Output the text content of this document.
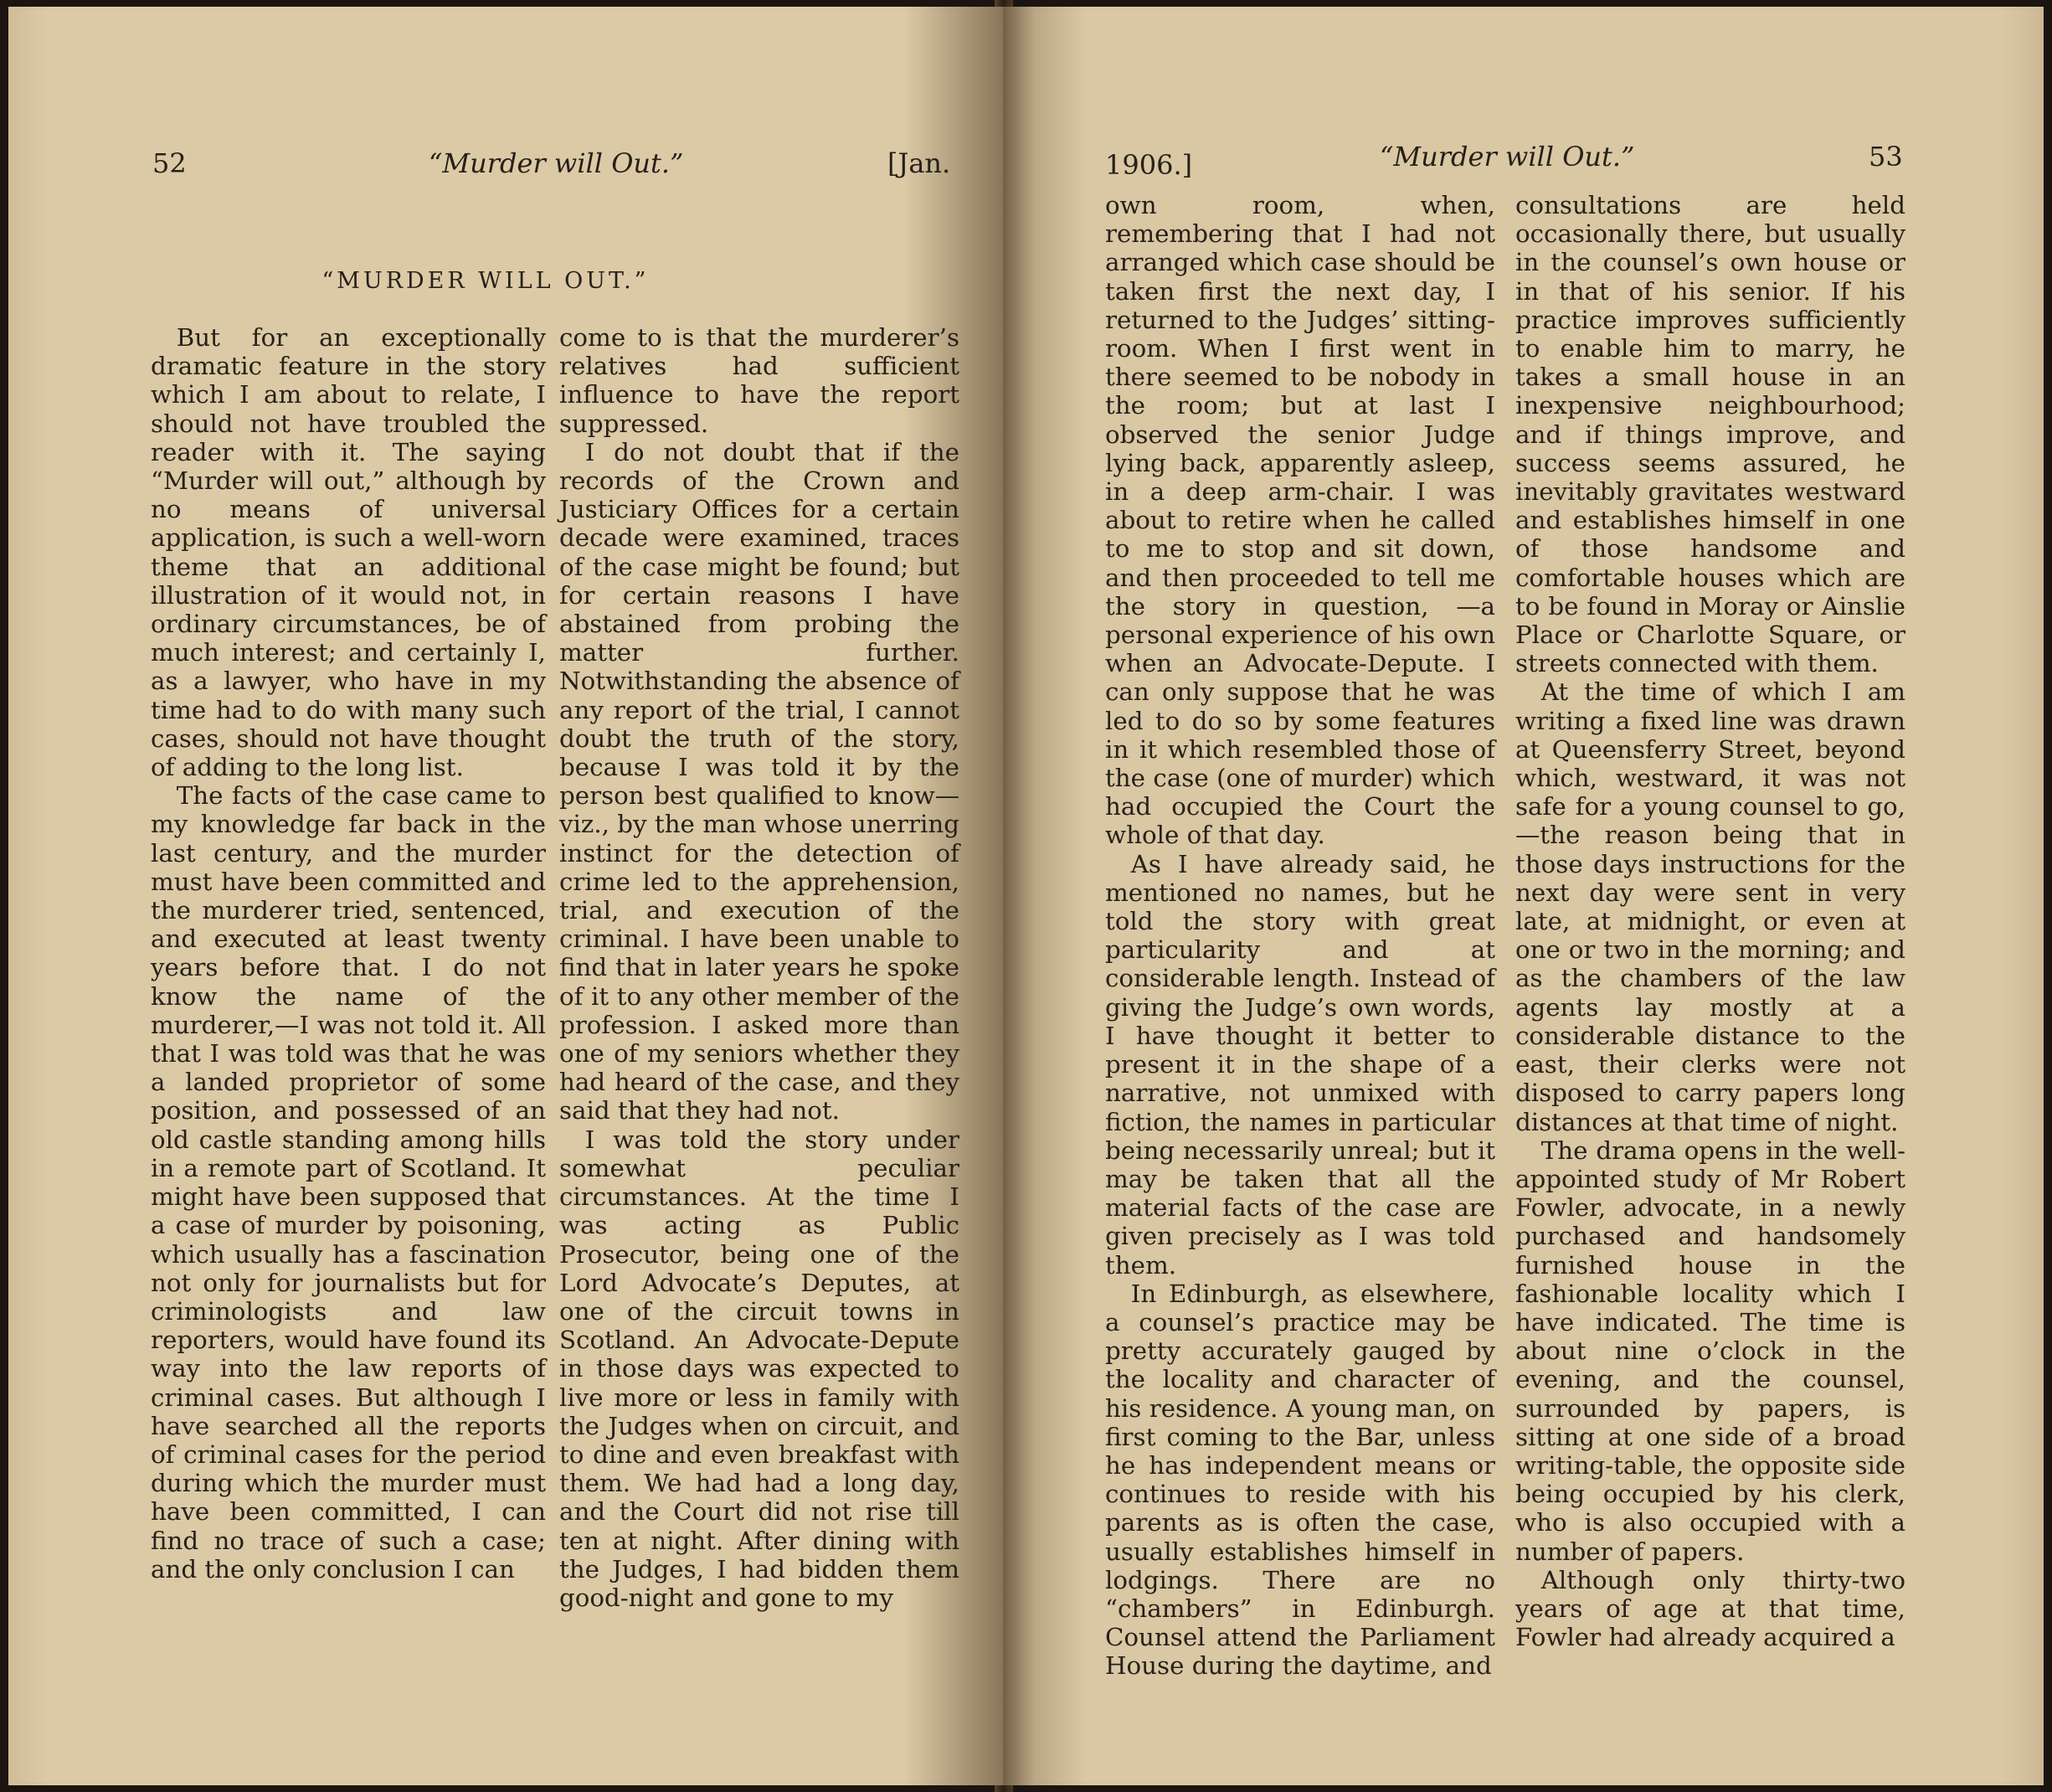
52	“Murder will Out.”	[Jan.
“MURDER WILL OUT.”

But for an exceptionally dramatic feature in the story which I am about to relate, I should not have troubled the reader with it. The saying “Murder will out,” although by no means of universal application, is such a well-worn theme that an additional illustration of it would not, in ordinary circumstances, be of much interest; and certainly I, as a lawyer, who have in my time had to do with many such cases, should not have thought of adding to the long list.

The facts of the case came to my knowledge far back in the last century, and the murder must have been committed and the murderer tried, sentenced, and executed at least twenty years before that. I do not know the name of the murderer,—I was not told it. All that I was told was that he was a landed proprietor of some position, and possessed of an old castle standing among hills in a remote part of Scotland. It might have been supposed that a case of murder by poisoning, which usually has a fascination not only for journalists but for criminologists and law reporters, would have found its way into the law reports of criminal cases. But although I have searched all the reports of criminal cases for the period during which the murder must have been committed, I can find no trace of such a case; and the only conclusion I can

come to is that the murderer’s relatives had sufficient influence to have the report suppressed.

I do not doubt that if the records of the Crown and Justiciary Offices for a certain decade were examined, traces of the case might be found; but for certain reasons I have abstained from probing the matter further. Notwithstanding the absence of any report of the trial, I cannot doubt the truth of the story, because I was told it by the person best qualified to know—viz., by the man whose unerring instinct for the detection of crime led to the apprehension, trial, and execution of the criminal. I have been unable to find that in later years he spoke of it to any other member of the profession. I asked more than one of my seniors whether they had heard of the case, and they said that they had not.

I was told the story under somewhat peculiar circumstances. At the time I was acting as Public Prosecutor, being one of the Lord Advocate’s Deputes, at one of the circuit towns in Scotland. An Advocate-Depute in those days was expected to live more or less in family with the Judges when on circuit, and to dine and even breakfast with them. We had had a long day, and the Court did not rise till ten at night. After dining with the Judges, I had bidden them good-night and gone to my

1906.]	“Murder will Out.”	53

own room, when, remembering that I had not arranged which case should be taken first the next day, I returned to the Judges’ sitting-room. When I first went in there seemed to be nobody in the room; but at last I observed the senior Judge lying back, apparently asleep, in a deep arm-chair. I was about to retire when he called to me to stop and sit down, and then proceeded to tell me the story in question, —a personal experience of his own when an Advocate-Depute. I can only suppose that he was led to do so by some features in it which resembled those of the case (one of murder) which had occupied the Court the whole of that day.

As I have already said, he mentioned no names, but he told the story with great particularity and at considerable length. Instead of giving the Judge’s own words, I have thought it better to present it in the shape of a narrative, not unmixed with fiction, the names in particular being necessarily unreal; but it may be taken that all the material facts of the case are given precisely as I was told them.

In Edinburgh, as elsewhere, a counsel’s practice may be pretty accurately gauged by the locality and character of his residence. A young man, on first coming to the Bar, unless he has independent means or continues to reside with his parents as is often the case, usually establishes himself in lodgings. There are no “chambers” in Edinburgh. Counsel attend the Parliament House during the daytime, and

consultations are held occasionally there, but usually in the counsel’s own house or in that of his senior. If his practice improves sufficiently to enable him to marry, he takes a small house in an inexpensive neighbourhood; and if things improve, and success seems assured, he inevitably gravitates westward and establishes himself in one of those handsome and comfortable houses which are to be found in Moray or Ainslie Place or Charlotte Square, or streets connected with them.

At the time of which I am writing a fixed line was drawn at Queensferry Street, beyond which, westward, it was not safe for a young counsel to go, —the reason being that in those days instructions for the next day were sent in very late, at midnight, or even at one or two in the morning; and as the chambers of the law agents lay mostly at a considerable distance to the east, their clerks were not disposed to carry papers long distances at that time of night.

The drama opens in the well-appointed study of Mr Robert Fowler, advocate, in a newly purchased and handsomely furnished house in the fashionable locality which I have indicated. The time is about nine o’clock in the evening, and the counsel, surrounded by papers, is sitting at one side of a broad writing-table, the opposite side being occupied by his clerk, who is also occupied with a number of papers.

Although only thirty-two years of age at that time, Fowler had already acquired a
